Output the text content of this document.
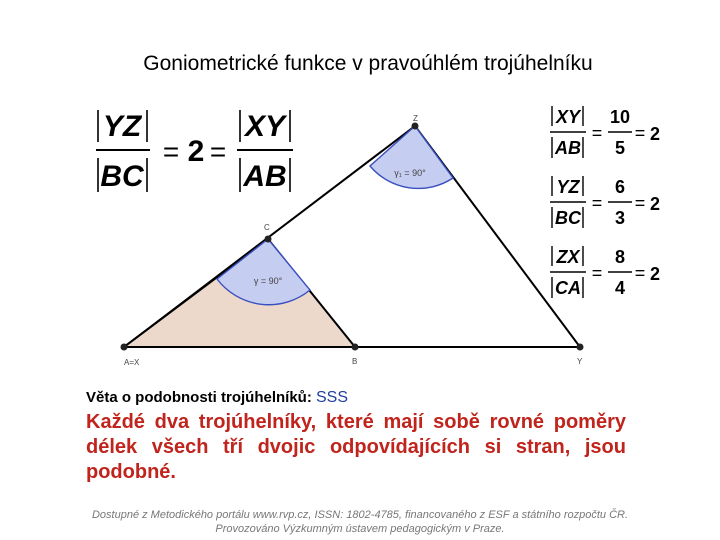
Goniometrické funkce v pravoúhlém trojúhelníku
YZ
BC
= 2 =
XY
AB	γ₁ = 90°
γ = 90°
Z
C
A=X	B	Y
XY
AB
=
10
5
= 2
YZ
BC
=
6
3
= 2
ZX
CA
=
8
4
= 2
Věta o podobnosti trojúhelníků: SSS
Každé dva trojúhelníky, které mají sobě rovné poměry délek všech tří dvojic odpovídajících si stran, jsou podobné.
Dostupné z Metodického portálu www.rvp.cz, ISSN: 1802-4785, financovaného z ESF a státního rozpočtu ČR.
Provozováno Výzkumným ústavem pedagogickým v Praze.
